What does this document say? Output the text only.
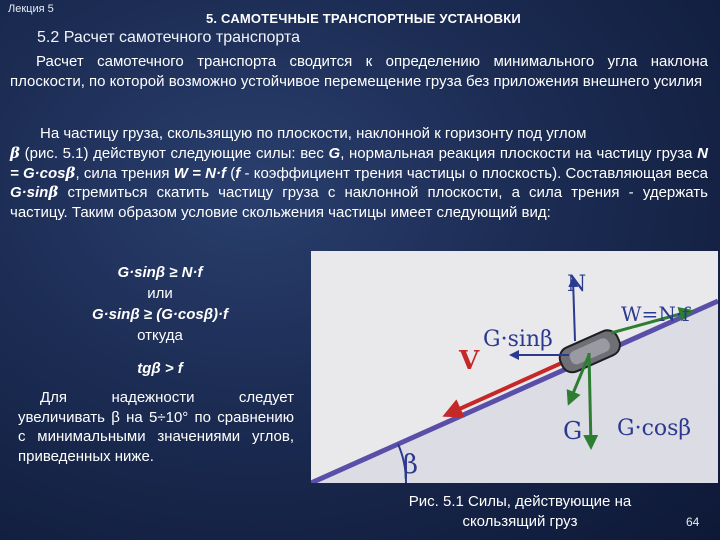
Лекция 5
5. САМОТЕЧНЫЕ ТРАНСПОРТНЫЕ УСТАНОВКИ
5.2 Расчет самотечного транспорта
Расчет самотечного транспорта сводится к определению минимального угла наклона плоскости, по которой возможно устойчивое перемещение груза без приложения внешнего усилия
На частицу груза, скользящую по плоскости, наклонной к горизонту под углом
β (рис. 5.1) действуют следующие силы: вес G, нормальная реакция плоскости на частицу груза N = G·cosβ, сила трения W = N·f (f - коэффициент трения частицы о плоскость). Составляющая веса G·sinβ стремиться скатить частицу груза с наклонной плоскости, а сила трения - удержать частицу. Таким образом условие скольжения частицы имеет следующий вид:
G·sinβ ≥ N·f
или
G·sinβ ≥ (G·cosβ)·f
откуда
tgβ > f
Для надежности следует увеличивать β на 5÷10° по сравнению с минимальными значениями углов, приведенных ниже.
N
W=N·f
G·sinβ
V
G G·cosβ
β
Рис. 5.1 Силы, действующие на
скользящий груз	64
